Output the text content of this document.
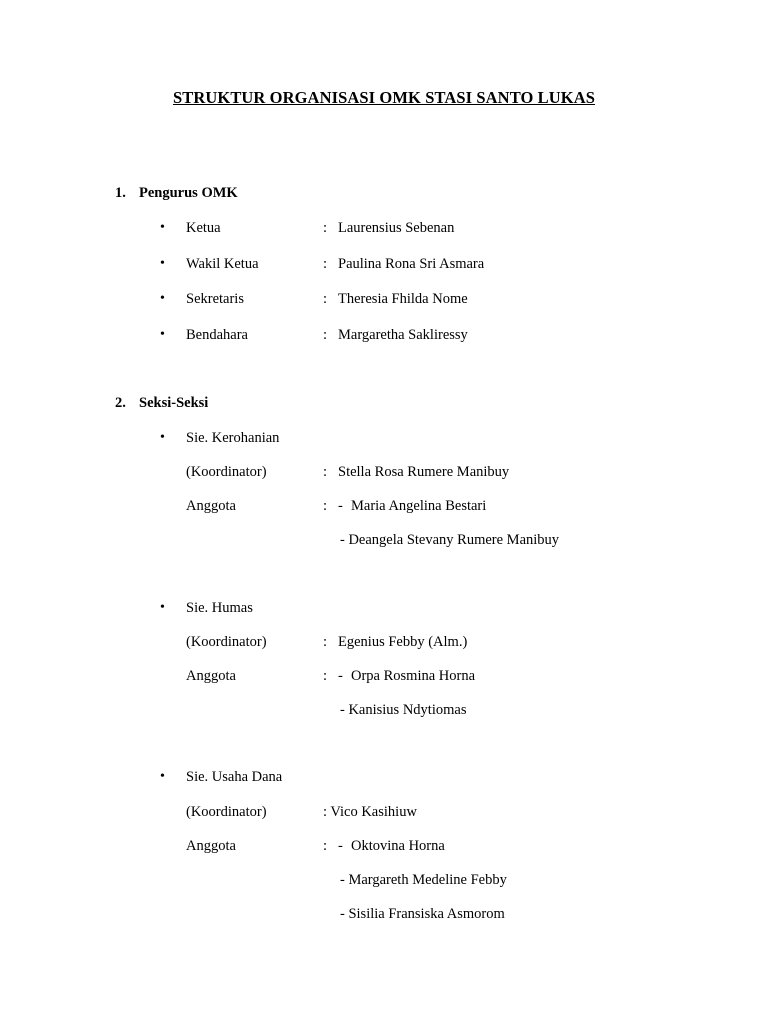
STRUKTUR ORGANISASI OMK STASI SANTO LUKAS
1. Pengurus OMK
• Ketua	: Laurensius Sebenan
• Wakil Ketua	: Paulina Rona Sri Asmara
• Sekretaris	: Theresia Fhilda Nome
• Bendahara	: Margaretha Sakliressy
2. Seksi-Seksi
• Sie. Kerohanian
(Koordinator)	: Stella Rosa Rumere Manibuy
Anggota	: - Maria Angelina Bestari
- Deangela Stevany Rumere Manibuy
• Sie. Humas
(Koordinator)	: Egenius Febby (Alm.)
Anggota	: - Orpa Rosmina Horna
- Kanisius Ndytiomas
• Sie. Usaha Dana
(Koordinator)	: Vico Kasihiuw
Anggota	: - Oktovina Horna
- Margareth Medeline Febby
- Sisilia Fransiska Asmorom
